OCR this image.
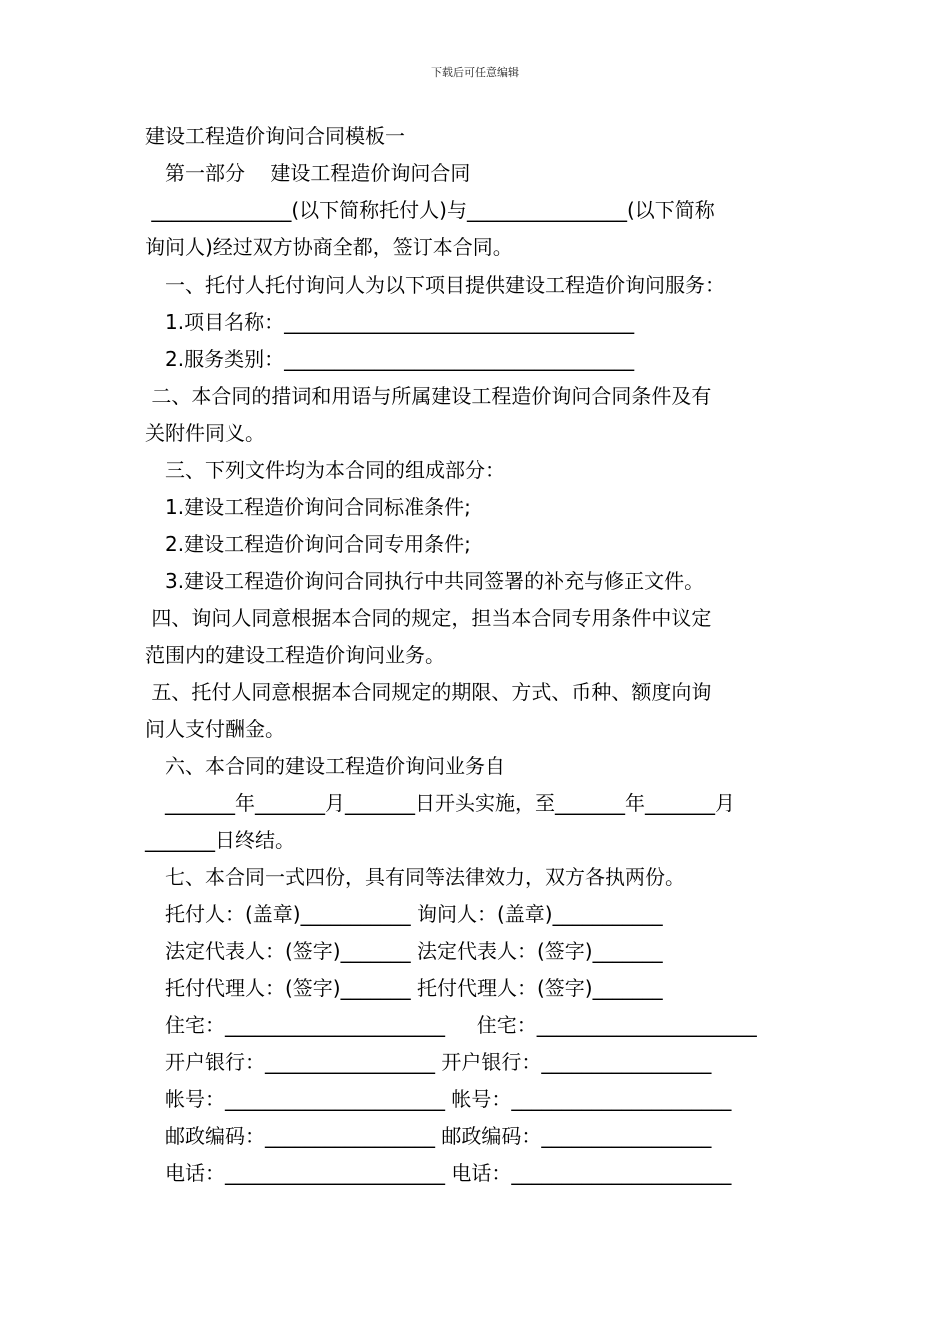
下载后可任意编辑
建设工程造价询问合同模板一
第一部分    建设工程造价询问合同
______________(以下简称托付人)与________________(以下简称
询问人)经过双方协商全都，签订本合同。
一、托付人托付询问人为以下项目提供建设工程造价询问服务：
1.项目名称：___________________________________
2.服务类别：___________________________________
二、本合同的措词和用语与所属建设工程造价询问合同条件及有
关附件同义。
三、下列文件均为本合同的组成部分：
1.建设工程造价询问合同标准条件;
2.建设工程造价询问合同专用条件;
3.建设工程造价询问合同执行中共同签署的补充与修正文件。
四、询问人同意根据本合同的规定，担当本合同专用条件中议定
范围内的建设工程造价询问业务。
五、托付人同意根据本合同规定的期限、方式、币种、额度向询
问人支付酬金。
六、本合同的建设工程造价询问业务自
_______年_______月_______日开头实施，至_______年_______月
_______日终结。
七、本合同一式四份，具有同等法律效力，双方各执两份。
托付人：(盖章)___________ 询问人：(盖章)___________
法定代表人：(签字)_______ 法定代表人：(签字)_______
托付代理人：(签字)_______ 托付代理人：(签字)_______
住宅：______________________     住宅：______________________
开户银行：_________________ 开户银行：_________________
帐号：______________________ 帐号：______________________
邮政编码：_________________ 邮政编码：_________________
电话：______________________ 电话：______________________
